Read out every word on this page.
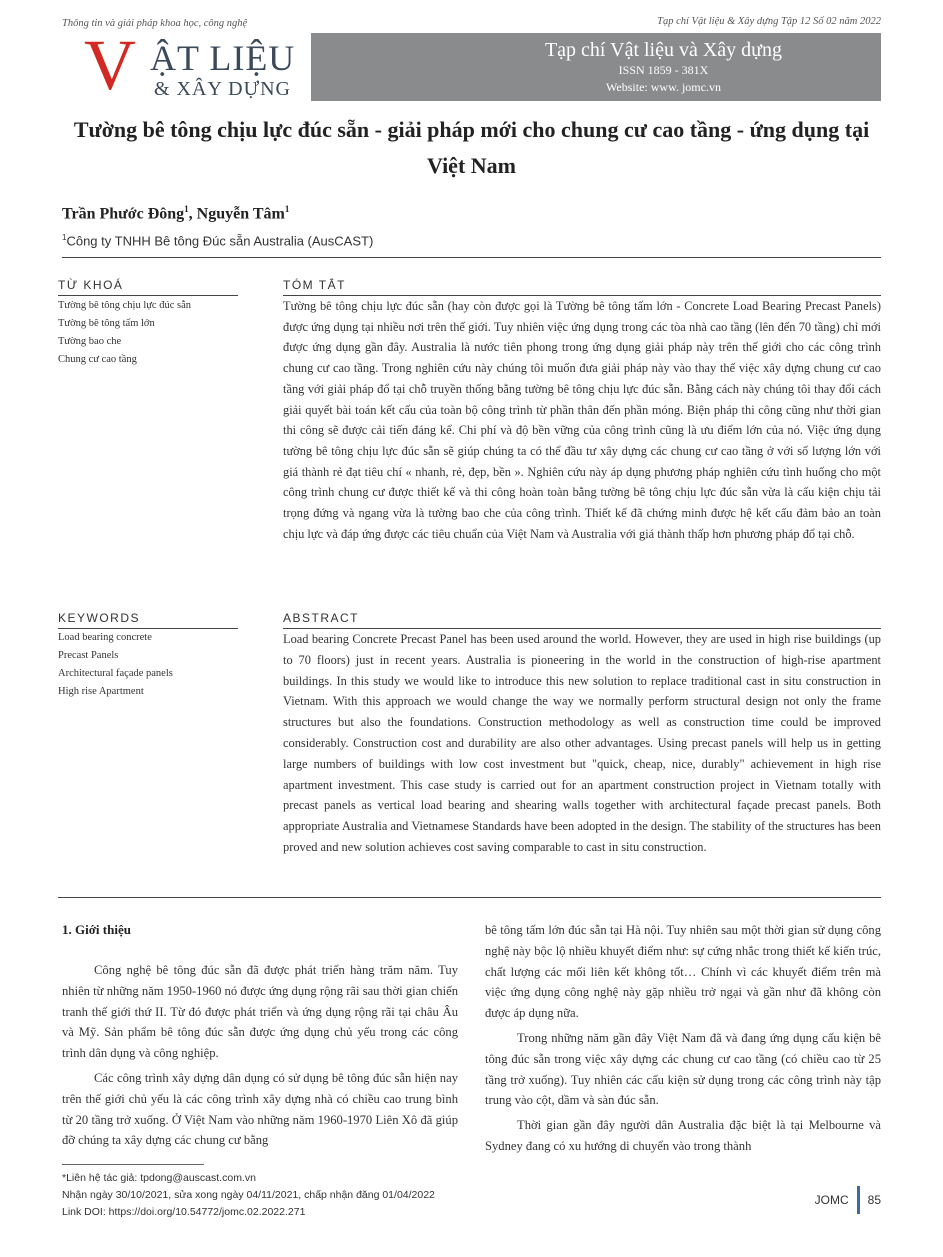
Thông tin và giải pháp khoa học, công nghệ	Tạp chí Vật liệu & Xây dựng Tập 12 Số 02 năm 2022
V ẬT LIỆU
& XÂY DỰNG
Tạp chí Vật liệu và Xây dựng
ISSN 1859 - 381X
Website: www. jomc.vn
Tường bê tông chịu lực đúc sẵn - giải pháp mới cho chung cư cao tầng - ứng dụng tại Việt Nam
Trần Phước Đông$^1$, Nguyễn Tâm$^1$
$^1$Công ty TNHH Bê tông Đúc sẵn Australia (AusCAST)
TỪ KHOÁ
Tường bê tông chịu lực đúc sẵn
Tường bê tông tấm lớn
Tường bao che
Chung cư cao tầng
TÓM TẮT
Tường bê tông chịu lực đúc sẵn (hay còn được gọi là Tường bê tông tấm lớn - Concrete Load Bearing Precast Panels) được ứng dụng tại nhiều nơi trên thế giới. Tuy nhiên việc ứng dụng trong các tòa nhà cao tầng (lên đến 70 tầng) chỉ mới được ứng dụng gần đây. Australia là nước tiên phong trong ứng dụng giải pháp này trên thế giới cho các công trình chung cư cao tầng. Trong nghiên cứu này chúng tôi muốn đưa giải pháp này vào thay thế việc xây dựng chung cư cao tầng với giải pháp đổ tại chỗ truyền thống bằng tường bê tông chịu lực đúc sẵn. Bằng cách này chúng tôi thay đổi cách giải quyết bài toán kết cấu của toàn bộ công trình từ phần thân đến phần móng. Biện pháp thi công cũng như thời gian thi công sẽ được cải tiến đáng kể. Chi phí và độ bền vững của công trình cũng là ưu điểm lớn của nó. Việc ứng dụng tường bê tông chịu lực đúc sẵn sẽ giúp chúng ta có thể đầu tư xây dựng các chung cư cao tầng ở với số lượng lớn với giá thành rẻ đạt tiêu chí « nhanh, rẻ, đẹp, bền ». Nghiên cứu này áp dụng phương pháp nghiên cứu tình huống cho một công trình chung cư được thiết kế và thi công hoàn toàn bằng tường bê tông chịu lực đúc sẵn vừa là cấu kiện chịu tải trọng đứng và ngang vừa là tường bao che của công trình. Thiết kế đã chứng minh được hệ kết cấu đảm bảo an toàn chịu lực và đáp ứng được các tiêu chuẩn của Việt Nam và Australia với giá thành thấp hơn phương pháp đổ tại chỗ.
KEYWORDS
Load bearing concrete
Precast Panels
Architectural façade panels
High rise Apartment
ABSTRACT
Load bearing Concrete Precast Panel has been used around the world. However, they are used in high rise buildings (up to 70 floors) just in recent years. Australia is pioneering in the world in the construction of high-rise apartment buildings. In this study we would like to introduce this new solution to replace traditional cast in situ construction in Vietnam. With this approach we would change the way we normally perform structural design not only the frame structures but also the foundations. Construction methodology as well as construction time could be improved considerably. Construction cost and durability are also other advantages. Using precast panels will help us in getting large numbers of buildings with low cost investment but "quick, cheap, nice, durably" achievement in high rise apartment investment. This case study is carried out for an apartment construction project in Vietnam totally with precast panels as vertical load bearing and shearing walls together with architectural façade precast panels. Both appropriate Australia and Vietnamese Standards have been adopted in the design. The stability of the structures has been proved and new solution achieves cost saving comparable to cast in situ construction.
1. Giới thiệu

Công nghệ bê tông đúc sẵn đã được phát triển hàng trăm năm. Tuy nhiên từ những năm 1950-1960 nó được ứng dụng rộng rãi sau thời gian chiến tranh thế giới thứ II. Từ đó được phát triển và ứng dụng rộng rãi tại châu Âu và Mỹ. Sản phẩm bê tông đúc sẵn được ứng dụng chủ yếu trong các công trình dân dụng và công nghiệp.

Các công trình xây dựng dân dụng có sử dụng bê tông đúc sẵn hiện nay trên thế giới chủ yếu là các công trình xây dựng nhà có chiều cao trung bình từ 20 tầng trở xuống. Ở Việt Nam vào những năm 1960-1970 Liên Xô đã giúp đỡ chúng ta xây dựng các chung cư bằng

bê tông tấm lớn đúc sẵn tại Hà nội. Tuy nhiên sau một thời gian sử dụng công nghệ này bộc lộ nhiều khuyết điểm như: sự cứng nhắc trong thiết kế kiến trúc, chất lượng các mối liên kết không tốt… Chính vì các khuyết điểm trên mà việc ứng dụng công nghệ này gặp nhiều trở ngại và gần như đã không còn được áp dụng nữa.

Trong những năm gần đây Việt Nam đã và đang ứng dụng cấu kiện bê tông đúc sẵn trong việc xây dựng các chung cư cao tầng (có chiều cao từ 25 tầng trở xuống). Tuy nhiên các cấu kiện sử dụng trong các công trình này tập trung vào cột, dầm và sàn đúc sẵn.

Thời gian gần đây người dân Australia đặc biệt là tại Melbourne và Sydney đang có xu hướng di chuyển vào trong thành

*Liên hệ tác giả: tpdong@auscast.com.vn
Nhận ngày 30/10/2021, sửa xong ngày 04/11/2021, chấp nhận đăng 01/04/2022
Link DOI: https://doi.org/10.54772/jomc.02.2022.271
JOMC 85
